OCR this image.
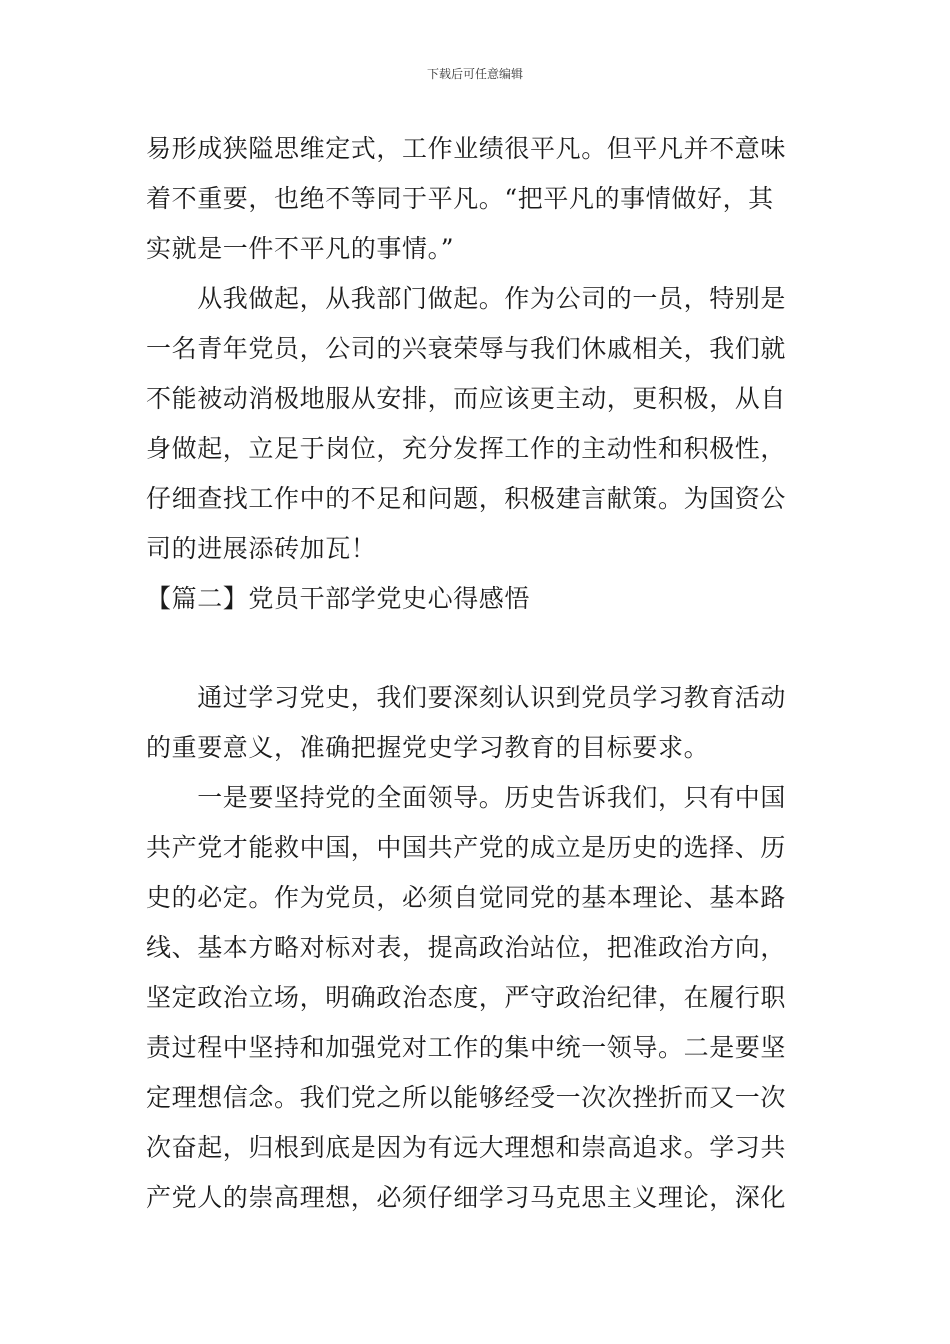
下载后可任意编辑
易形成狭隘思维定式，工作业绩很平凡。但平凡并不意味
着不重要，也绝不等同于平凡。“把平凡的事情做好，其
实就是一件不平凡的事情。”
　　从我做起，从我部门做起。作为公司的一员，特别是
一名青年党员，公司的兴衰荣辱与我们休戚相关，我们就
不能被动消极地服从安排，而应该更主动，更积极，从自
身做起，立足于岗位，充分发挥工作的主动性和积极性，
仔细查找工作中的不足和问题，积极建言献策。为国资公
司的进展添砖加瓦！
【篇二】党员干部学党史心得感悟
　　通过学习党史，我们要深刻认识到党员学习教育活动
的重要意义，准确把握党史学习教育的目标要求。
　　一是要坚持党的全面领导。历史告诉我们，只有中国
共产党才能救中国，中国共产党的成立是历史的选择、历
史的必定。作为党员，必须自觉同党的基本理论、基本路
线、基本方略对标对表，提高政治站位，把准政治方向，
坚定政治立场，明确政治态度，严守政治纪律，在履行职
责过程中坚持和加强党对工作的集中统一领导。二是要坚
定理想信念。我们党之所以能够经受一次次挫折而又一次
次奋起，归根到底是因为有远大理想和崇高追求。学习共
产党人的崇高理想，必须仔细学习马克思主义理论，深化
